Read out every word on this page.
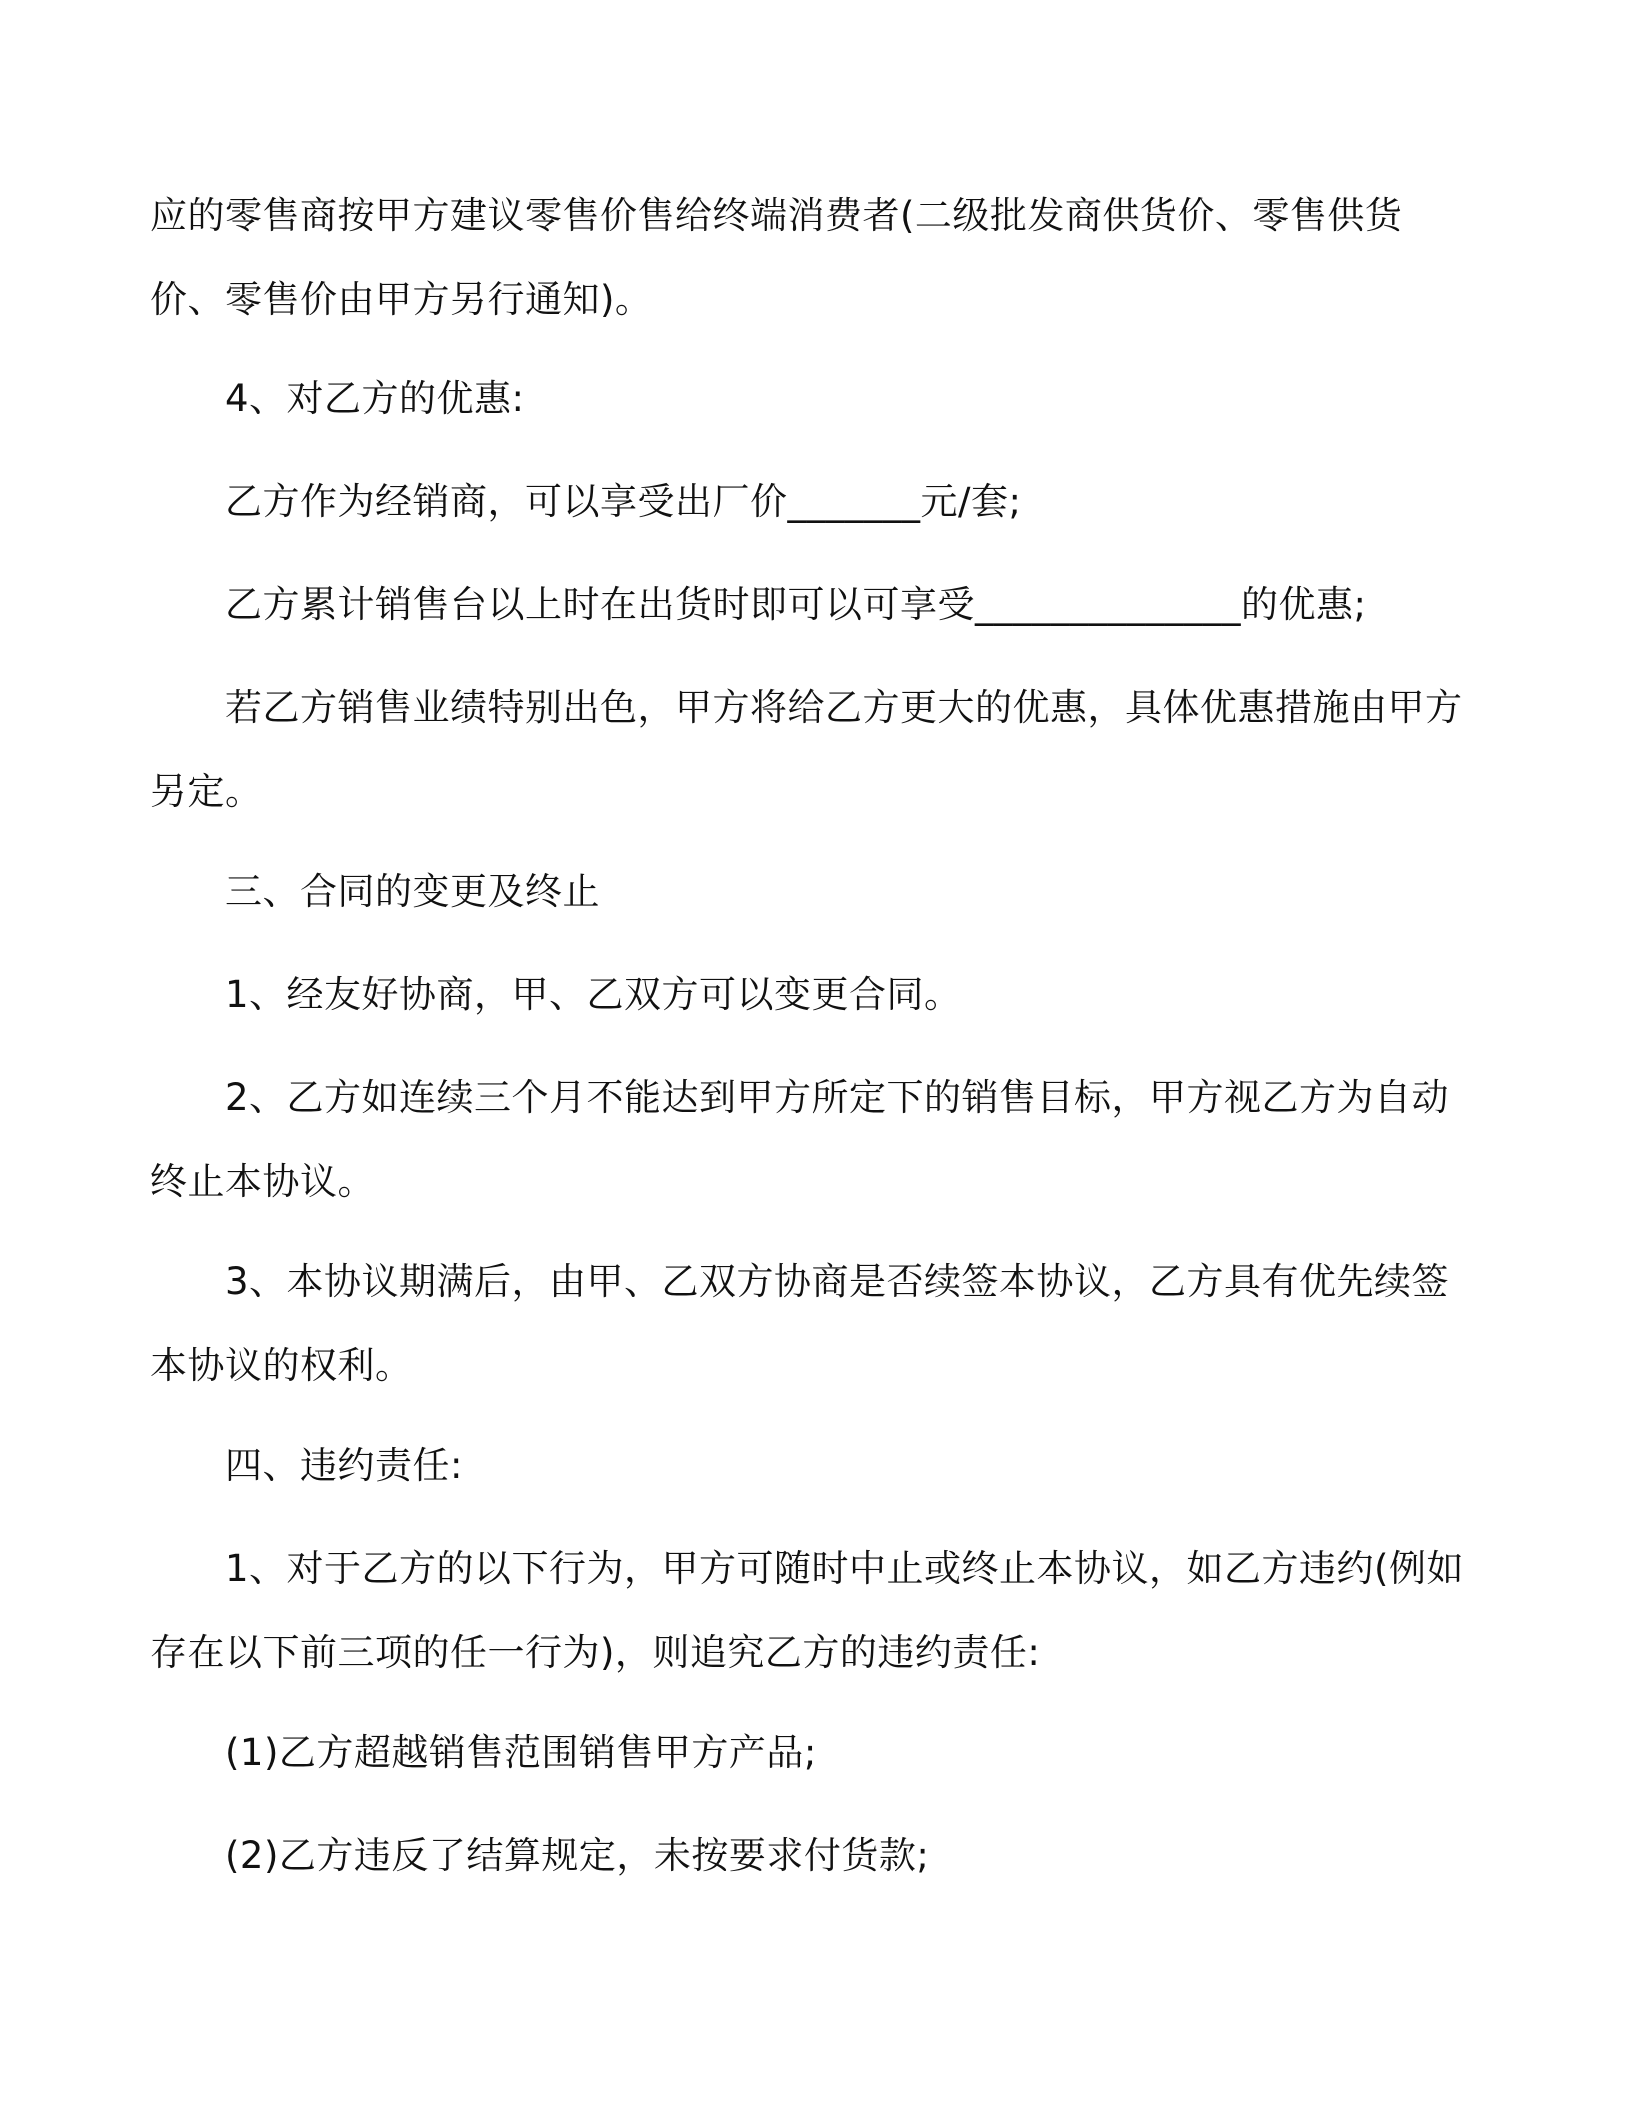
应的零售商按甲方建议零售价售给终端消费者(二级批发商供货价、零售供货价、零售价由甲方另行通知)。

4、对乙方的优惠:

乙方作为经销商，可以享受出厂价_______元/套;

乙方累计销售台以上时在出货时即可以可享受______________的优惠;

若乙方销售业绩特别出色，甲方将给乙方更大的优惠，具体优惠措施由甲方另定。

三、合同的变更及终止

1、经友好协商，甲、乙双方可以变更合同。

2、乙方如连续三个月不能达到甲方所定下的销售目标，甲方视乙方为自动终止本协议。

3、本协议期满后，由甲、乙双方协商是否续签本协议，乙方具有优先续签本协议的权利。

四、违约责任:

1、对于乙方的以下行为，甲方可随时中止或终止本协议，如乙方违约(例如存在以下前三项的任一行为)，则追究乙方的违约责任:

(1)乙方超越销售范围销售甲方产品;

(2)乙方违反了结算规定，未按要求付货款;
